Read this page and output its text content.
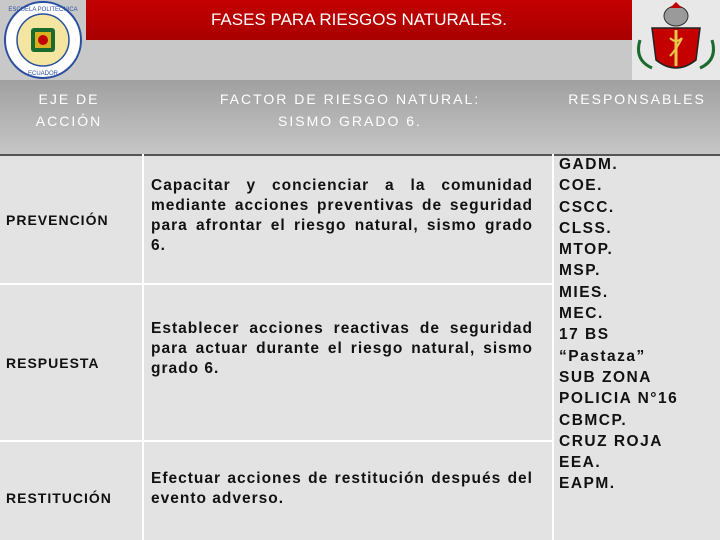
ESCUELA POLITECNICA
ECUADOR
FASES PARA RIESGOS NATURALES.
EJE DE ACCIÓN
FACTOR DE RIESGO NATURAL:
SISMO GRADO 6.
RESPONSABLES
PREVENCIÓN
RESPUESTA
RESTITUCIÓN
Capacitar y concienciar a la comunidad mediante acciones preventivas de seguridad para afrontar el riesgo natural, sismo grado 6.
Establecer acciones reactivas de seguridad para actuar durante el riesgo natural, sismo grado 6.
Efectuar acciones de restitución después del evento adverso.
GADM.
COE.
CSCC.
CLSS.
MTOP.
MSP.
MIES.
MEC.
17 BS
“Pastaza”
SUB ZONA
POLICIA N°16
CBMCP.
CRUZ ROJA
EEA.
EAPM.
